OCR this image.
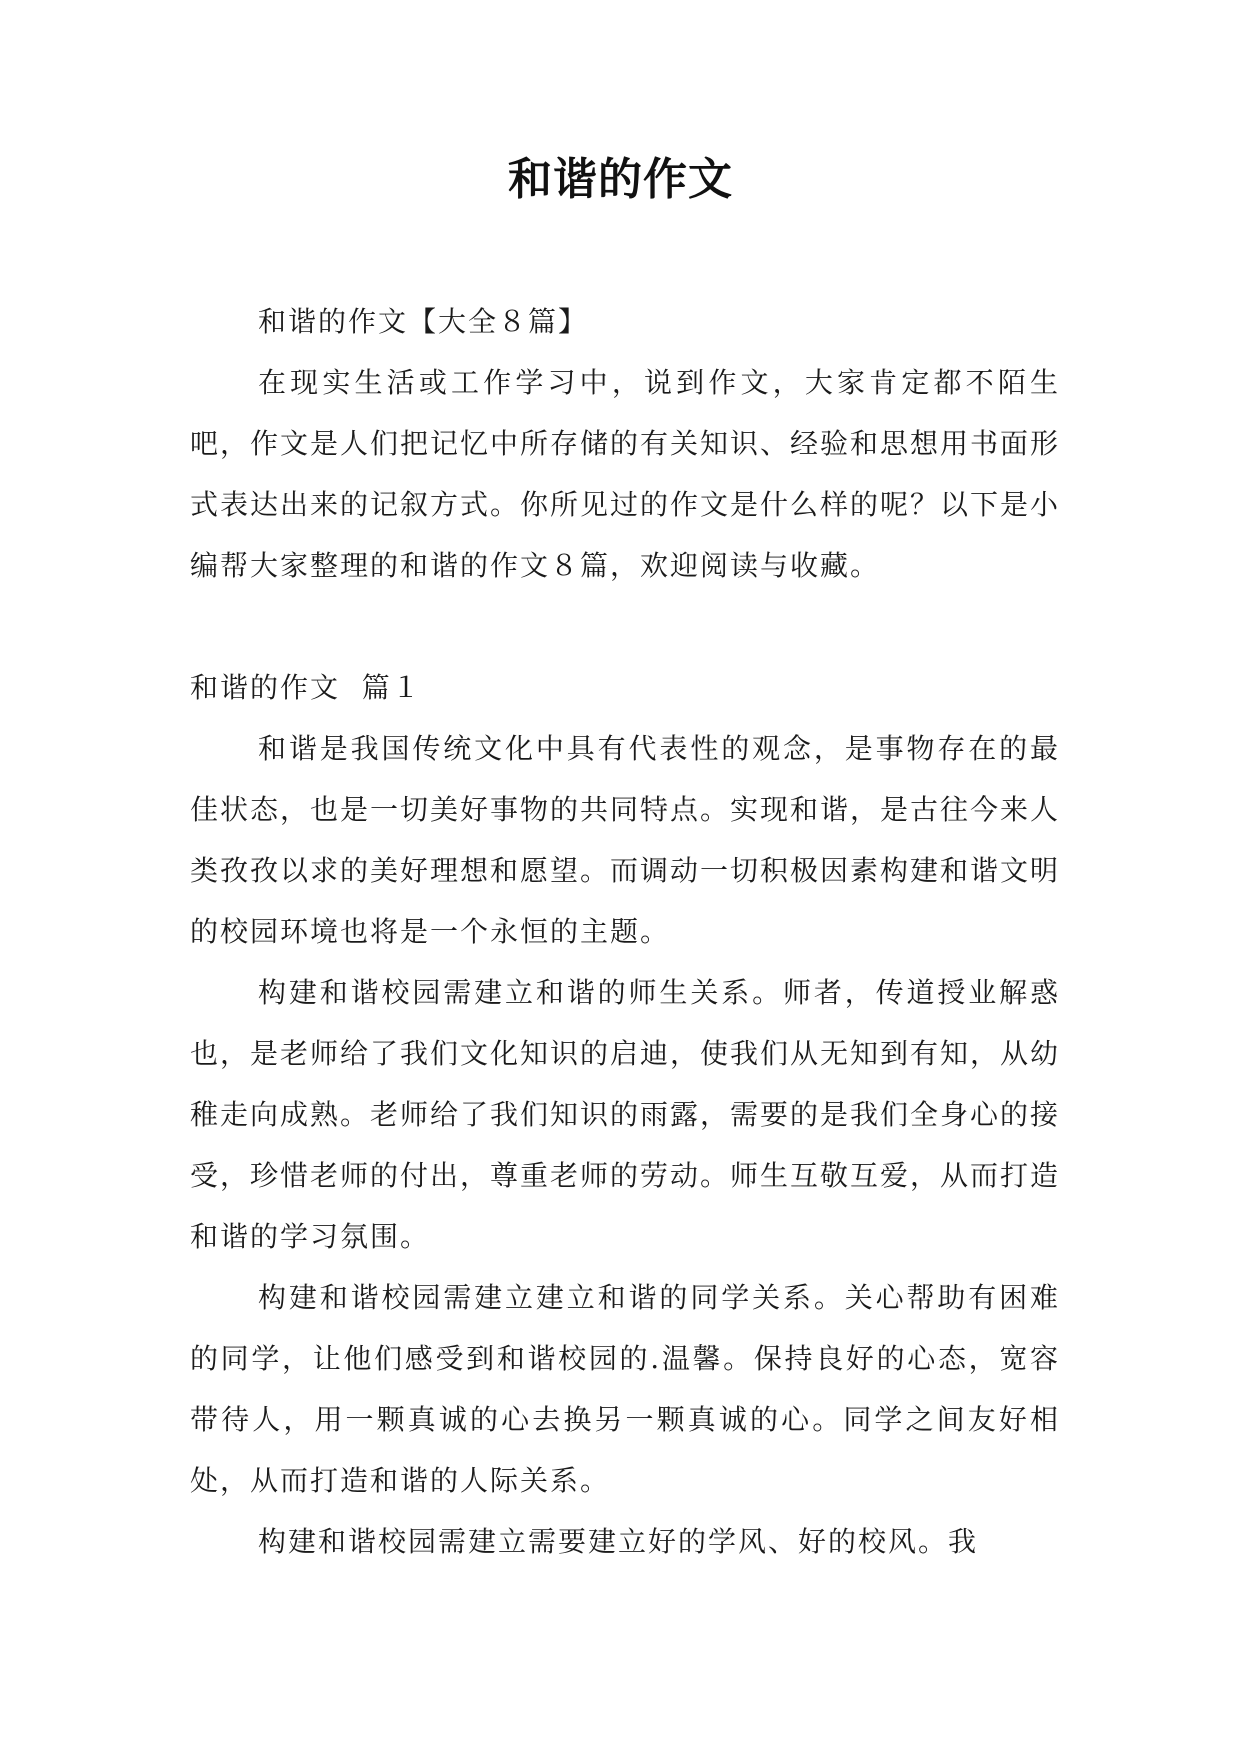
和谐的作文

和谐的作文【大全８篇】

在现实生活或工作学习中，说到作文，大家肯定都不陌生吧，作文是人们把记忆中所存储的有关知识、经验和思想用书面形式表达出来的记叙方式。你所见过的作文是什么样的呢？以下是小编帮大家整理的和谐的作文８篇，欢迎阅读与收藏。

和谐的作文  篇１

和谐是我国传统文化中具有代表性的观念，是事物存在的最佳状态，也是一切美好事物的共同特点。实现和谐，是古往今来人类孜孜以求的美好理想和愿望。而调动一切积极因素构建和谐文明的校园环境也将是一个永恒的主题。

构建和谐校园需建立和谐的师生关系。师者，传道授业解惑也，是老师给了我们文化知识的启迪，使我们从无知到有知，从幼稚走向成熟。老师给了我们知识的雨露，需要的是我们全身心的接受，珍惜老师的付出，尊重老师的劳动。师生互敬互爱，从而打造和谐的学习氛围。

构建和谐校园需建立建立和谐的同学关系。关心帮助有困难的同学，让他们感受到和谐校园的.温馨。保持良好的心态，宽容带待人，用一颗真诚的心去换另一颗真诚的心。同学之间友好相处，从而打造和谐的人际关系。

构建和谐校园需建立需要建立好的学风、好的校风。我
